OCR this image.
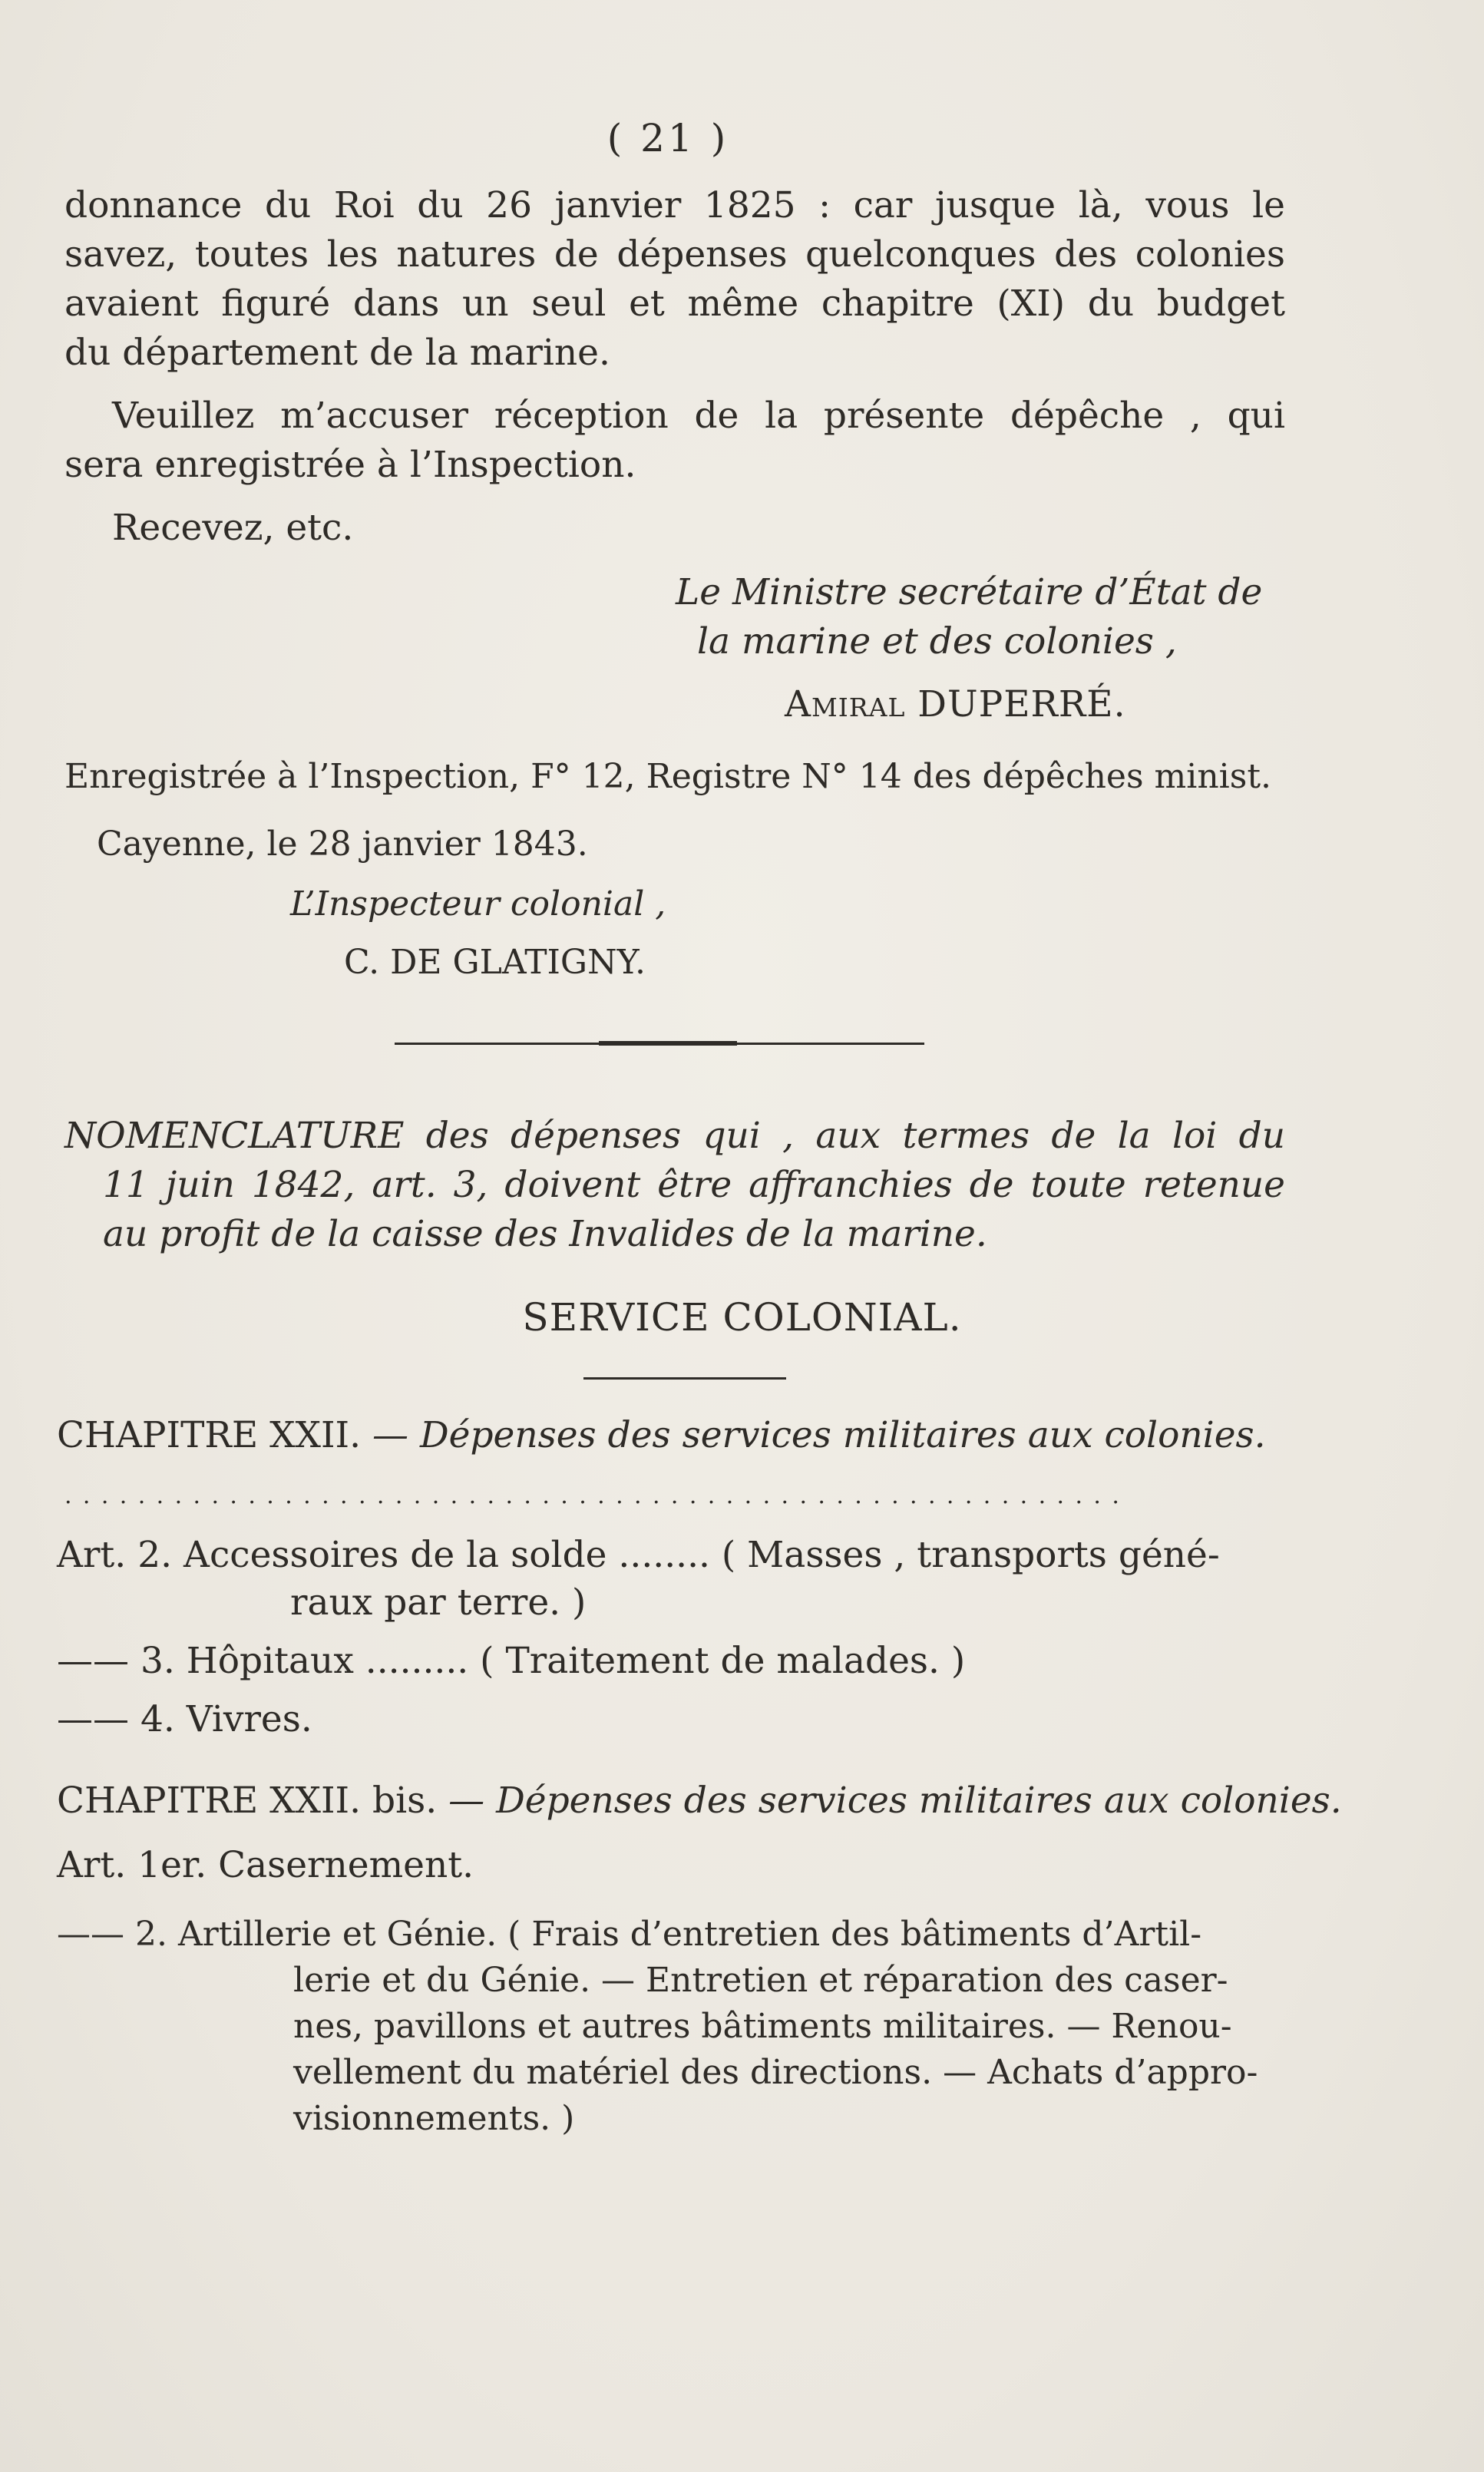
( 21 )
donnance du Roi du 26 janvier 1825 : car jusque là, vous le
savez, toutes les natures de dépenses quelconques des colonies
avaient figuré dans un seul et même chapitre (XI) du budget
du département de la marine.
Veuillez m’accuser réception de la présente dépêche , qui
sera enregistrée à l’Inspection.
Recevez, etc.
Le Ministre secrétaire d’État de
la marine et des colonies ,
Amiral DUPERRÉ.
Enregistrée à l’Inspection, F° 12, Registre N° 14 des dépêches minist.
Cayenne, le 28 janvier 1843.
L’Inspecteur colonial ,
C. DE GLATIGNY.
NOMENCLATURE des dépenses qui , aux termes de la loi du
11 juin 1842, art. 3, doivent être affranchies de toute retenue
au profit de la caisse des Invalides de la marine.
SERVICE COLONIAL.
CHAPITRE XXII. — Dépenses des services militaires aux colonies.
..........................................................
Art. 2. Accessoires de la solde ........ ( Masses , transports géné-
raux par terre. )
—— 3. Hôpitaux ......... ( Traitement de malades. )
—— 4. Vivres.
CHAPITRE XXII. bis. — Dépenses des services militaires aux colonies.
Art. 1er. Casernement.
—— 2. Artillerie et Génie. ( Frais d’entretien des bâtiments d’Artil-
lerie et du Génie. — Entretien et réparation des caser-
nes, pavillons et autres bâtiments militaires. — Renou-
vellement du matériel des directions. — Achats d’appro-
visionnements. )
